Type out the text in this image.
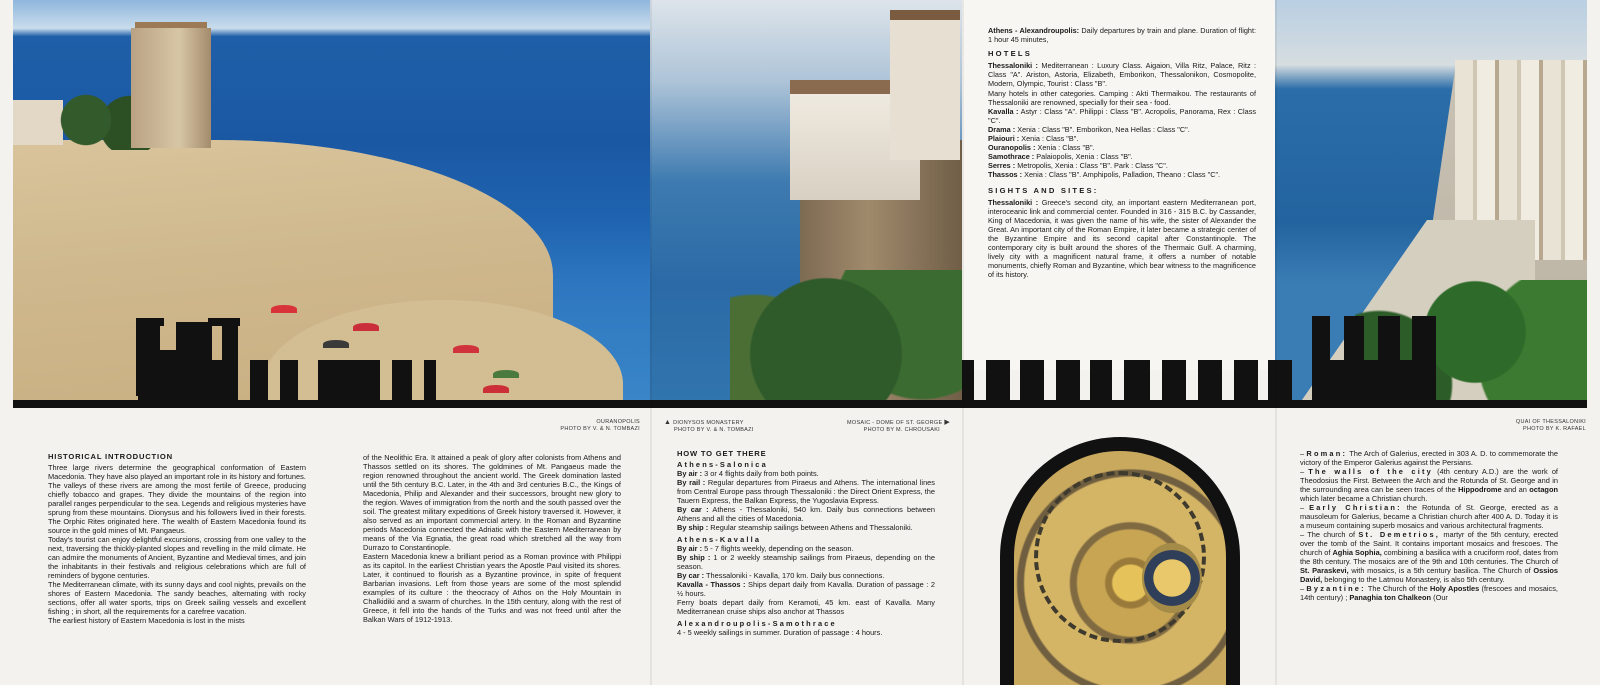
Athens - Alexandroupolis: Daily departures by train and plane. Duration of flight: 1 hour 45 minutes,

HOTELS

Thessaloniki : Mediterranean : Luxury Class. Aigaion, Villa Ritz, Palace, Ritz : Class "A". Ariston, Astoria, Elizabeth, Emborikon, Thessalonikon, Cosmopolite, Modern, Olympic, Tourist : Class "B".

Many hotels in other categories. Camping : Akti Thermaikou. The restaurants of Thessaloniki are renowned, specially for their sea - food.

Kavalla : Astyr : Class "A". Philippi : Class "B". Acropolis, Panorama, Rex : Class "C".

Drama : Xenia : Class "B". Emborikon, Nea Hellas : Class "C".

Plaiouri : Xenia : Class "B".

Ouranopolis : Xenia : Class "B".

Samothrace : Palaiopolis, Xenia : Class "B".

Serres : Metropolis, Xenia : Class "B". Park : Class "C".

Thassos : Xenia : Class "B". Amphipolis, Palladion, Theano : Class "C".

SIGHTS AND SITES:

Thessaloniki : Greece's second city, an important eastern Mediterranean port, interoceanic link and commercial center. Founded in 316 - 315 B.C. by Cassander, King of Macedonia, it was given the name of his wife, the sister of Alexander the Great. An important city of the Roman Empire, it later became a strategic center of the Byzantine Empire and its second capital after Constantinople. The contemporary city is built around the shores of the Thermaic Gulf. A charming, lively city with a magnificent natural frame, it offers a number of notable monuments, chiefly Roman and Byzantine, which bear witness to the magnificence of its history.

OURANOPOLIS
PHOTO BY V. & N. TOMBAZI
▲ DIONYSOS MONASTERY
PHOTO BY V. & N. TOMBAZI
MOSAIC - DOME OF ST. GEORGE ▶
PHOTO BY M. CHROUSAKI
QUAI OF THESSALONIKI
PHOTO BY K. RAFAEL

HISTORICAL INTRODUCTION

Three large rivers determine the geographical conformation of Eastern Macedonia. They have also played an important role in its history and fortunes.

The valleys of these rivers are among the most fertile of Greece, producing chiefly tobacco and grapes. They divide the mountains of the region into parallel ranges perpendicular to the sea. Legends and religious mysteries have sprung from these mountains. Dionysus and his followers lived in their forests. The Orphic Rites originated here. The wealth of Eastern Macedonia found its source in the gold mines of Mt. Pangaeus.

Today's tourist can enjoy delightful excursions, crossing from one valley to the next, traversing the thickly-planted slopes and revelling in the mild climate. He can admire the monuments of Ancient, Byzantine and Medieval times, and join the inhabitants in their festivals and religious celebrations which are full of reminders of bygone centuries.

The Mediterranean climate, with its sunny days and cool nights, prevails on the shores of Eastern Macedonia. The sandy beaches, alternating with rocky sections, offer all water sports, trips on Greek sailing vessels and excellent fishing ; in short, all the requirements for a carefree vacation.

The earliest history of Eastern Macedonia is lost in the mists

of the Neolithic Era. It attained a peak of glory after colonists from Athens and Thassos settled on its shores. The goldmines of Mt. Pangaeus made the region renowned throughout the ancient world. The Greek domination lasted until the 5th century B.C. Later, in the 4th and 3rd centuries B.C., the Kings of Macedonia, Philip and Alexander and their successors, brought new glory to the region. Waves of immigration from the north and the south passed over the soil. The greatest military expeditions of Greek history traversed it. However, it also served as an important commercial artery. In the Roman and Byzantine periods Macedonia connected the Adriatic with the Eastern Mediterranean by means of the Via Egnatia, the great road which stretched all the way from Durrazo to Constantinople.

Eastern Macedonia knew a brilliant period as a Roman province with Philippi as its capitol. In the earliest Christian years the Apostle Paul visited its shores. Later, it continued to flourish as a Byzantine province, in spite of frequent Barbarian invasions. Left from those years are some of the most splendid examples of its culture : the theocracy of Athos on the Holy Mountain in Chalkidiki and a swarm of churches. In the 15th century, along with the rest of Greece, it fell into the hands of the Turks and was not freed until after the Balkan Wars of 1912-1913.

HOW TO GET THERE

Athens-Salonica

By air : 3 or 4 flights daily from both points.

By rail : Regular departures from Piraeus and Athens. The international lines from Central Europe pass through Thessaloniki : the Direct Orient Express, the Tauern Express, the Balkan Express, the Yugoslavia Express.

By car : Athens - Thessaloniki, 540 km. Daily bus connections between Athens and all the cities of Macedonia.

By ship : Regular steamship sailings between Athens and Thessaloniki.

Athens-Kavalla

By air : 5 - 7 flights weekly, depending on the season.

By ship : 1 or 2 weekly steamship sailings from Piraeus, depending on the season.

By car : Thessaloniki - Kavalla, 170 km. Daily bus connections.

Kavalla - Thassos : Ships depart daily from Kavalla. Duration of passage : 2 ½ hours.

Ferry boats depart daily from Keramoti, 45 km. east of Kavalla. Many Mediterranean cruise ships also anchor at Thassos

Alexandroupolis-Samothrace

4 - 5 weekly sailings in summer. Duration of passage : 4 hours.

– Roman: The Arch of Galerius, erected in 303 A. D. to commemorate the victory of the Emperor Galerius against the Persians.

– The walls of the city (4th century A.D.) are the work of Theodosius the First. Between the Arch and the Rotunda of St. George and in the surrounding area can be seen traces of the Hippodrome and an octagon which later became a Christian church.

– Early Christian: the Rotunda of St. George, erected as a mausoleum for Galerius, became a Christian church after 400 A. D. Today it is a museum containing superb mosaics and various architectural fragments.

– The church of St. Demetrios, martyr of the 5th century, erected over the tomb of the Saint. It contains important mosaics and frescoes. The church of Aghia Sophia, combining a basilica with a cruciform roof, dates from the 8th century. The mosaics are of the 9th and 10th centuries. The Church of St. Paraskevi, with mosaics, is a 5th century basilica. The Church of Ossios David, belonging to the Latmou Monastery, is also 5th century.

– Byzantine: The Church of the Holy Apostles (frescoes and mosaics, 14th century) ; Panaghia ton Chalkeon (Our
